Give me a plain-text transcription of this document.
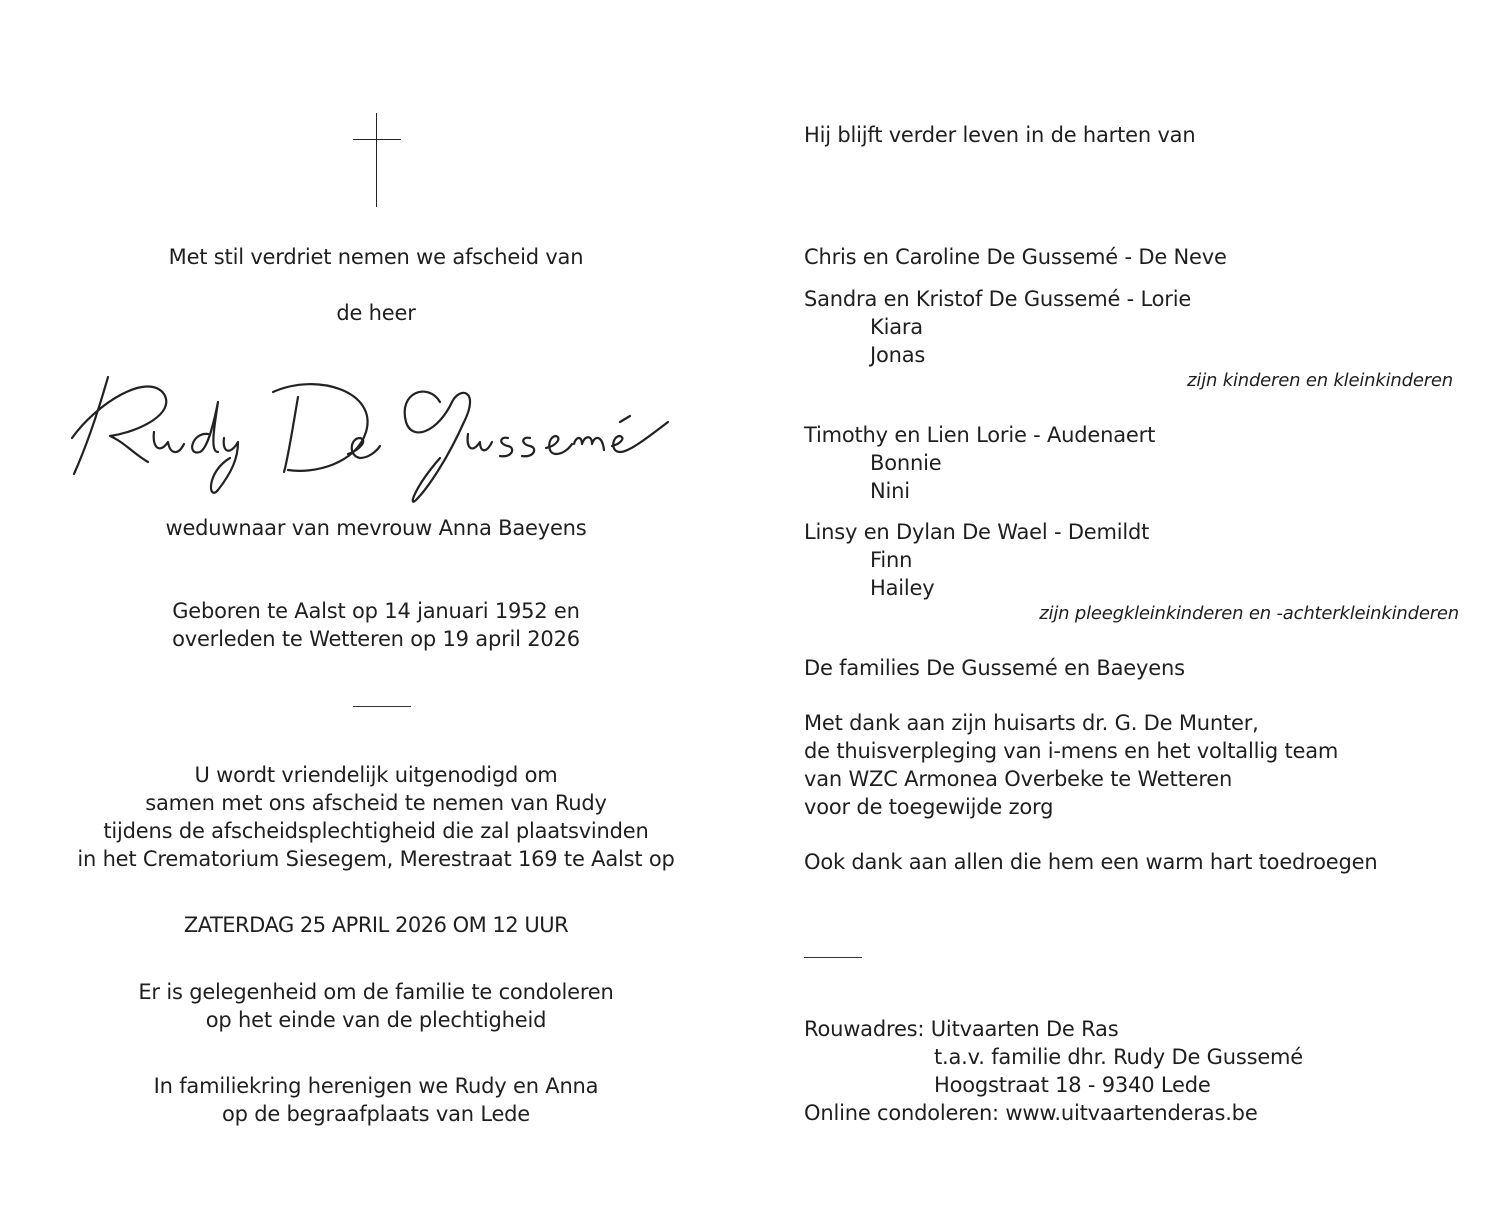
Met stil verdriet nemen we afscheid van
de heer
weduwnaar van mevrouw Anna Baeyens
Geboren te Aalst op 14 januari 1952 en
overleden te Wetteren op 19 april 2026
U wordt vriendelijk uitgenodigd om
samen met ons afscheid te nemen van Rudy
tijdens de afscheidsplechtigheid die zal plaatsvinden
in het Crematorium Siesegem, Merestraat 169 te Aalst op
ZATERDAG 25 APRIL 2026 OM 12 UUR
Er is gelegenheid om de familie te condoleren
op het einde van de plechtigheid
In familiekring herenigen we Rudy en Anna
op de begraafplaats van Lede
Hij blijft verder leven in de harten van
Chris en Caroline De Gussemé - De Neve
Sandra en Kristof De Gussemé - Lorie
Kiara
Jonas
zijn kinderen en kleinkinderen
Timothy en Lien Lorie - Audenaert
Bonnie
Nini
Linsy en Dylan De Wael - Demildt
Finn
Hailey
zijn pleegkleinkinderen en -achterkleinkinderen
De families De Gussemé en Baeyens
Met dank aan zijn huisarts dr. G. De Munter,
de thuisverpleging van i-mens en het voltallig team
van WZC Armonea Overbeke te Wetteren
voor de toegewijde zorg
Ook dank aan allen die hem een warm hart toedroegen
Rouwadres: Uitvaarten De Ras
t.a.v. familie dhr. Rudy De Gussemé
Hoogstraat 18 - 9340 Lede
Online condoleren: www.uitvaartenderas.be
